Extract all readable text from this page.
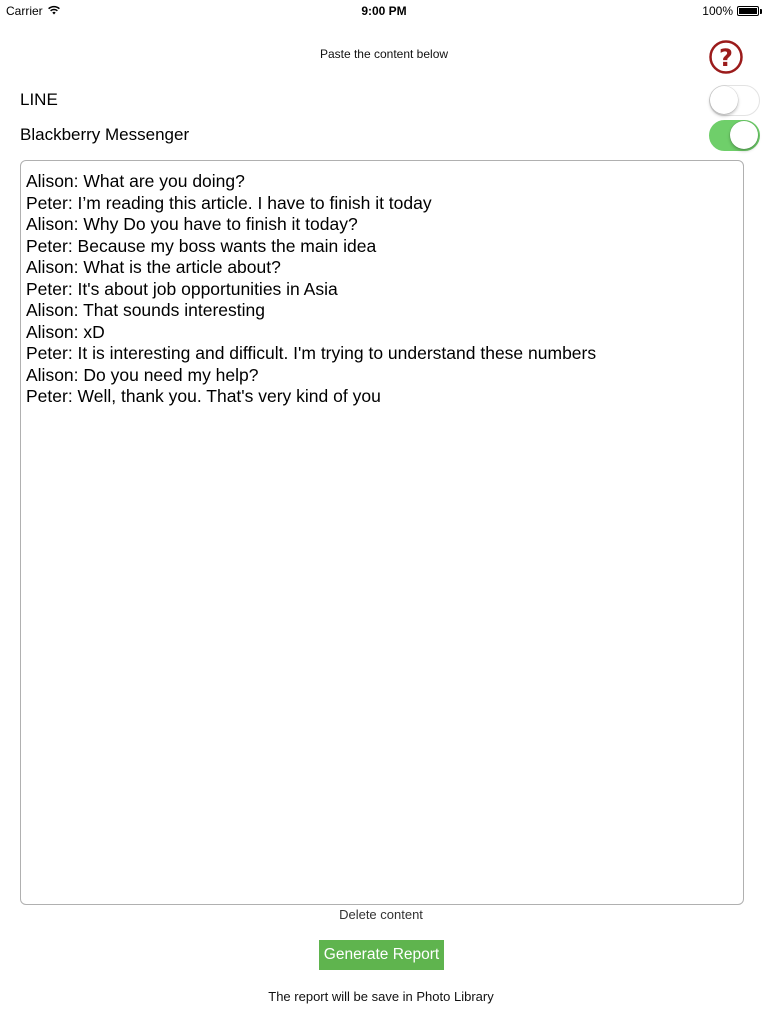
Carrier	9:00 PM	100%
Paste the content below	?
LINE
Blackberry Messenger
Alison: What are you doing?
Peter: I’m reading this article. I have to finish it today
Alison: Why Do you have to finish it today?
Peter: Because my boss wants the main idea
Alison: What is the article about?
Peter: It's about job opportunities in Asia
Alison: That sounds interesting
Alison: xD
Peter: It is interesting and difficult. I'm trying to understand these numbers
Alison: Do you need my help?
Peter: Well, thank you. That's very kind of you
Delete content
Generate Report
The report will be save in Photo Library
